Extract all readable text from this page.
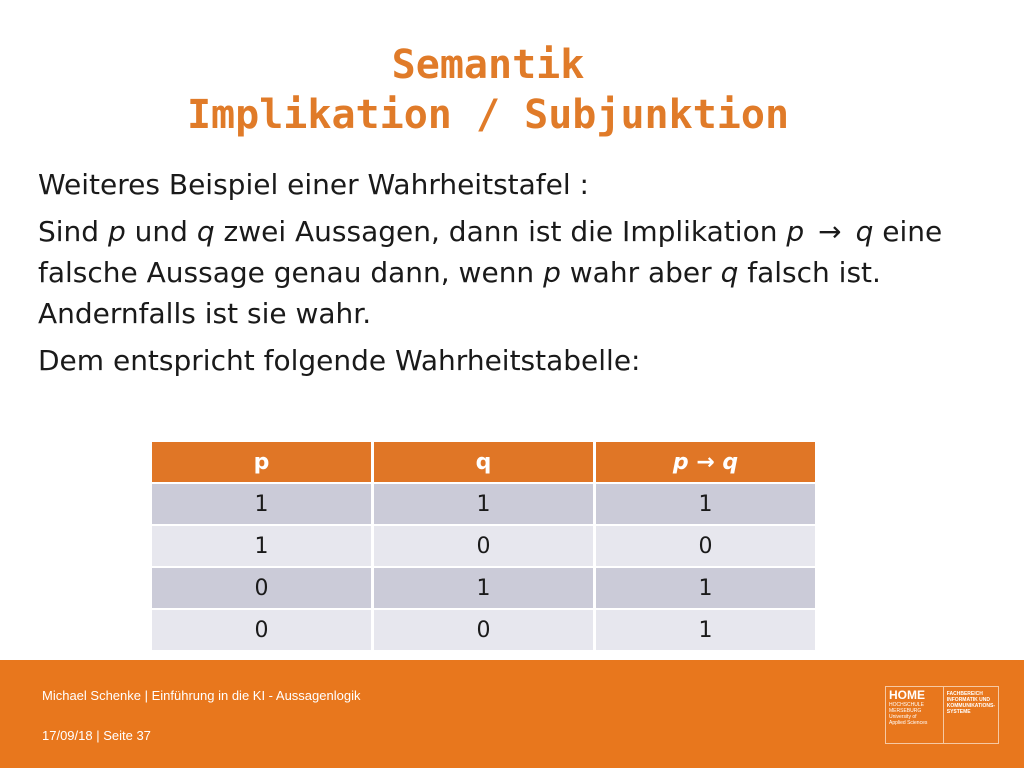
Semantik
Implikation / Subjunktion

Weiteres Beispiel einer Wahrheitstafel :

Sind p und q zwei Aussagen, dann ist die Implikation p → q eine falsche Aussage genau dann, wenn p wahr aber q falsch ist. Andernfalls ist sie wahr.

Dem entspricht folgende Wahrheitstabelle:

p	q	p → q
1	1	1
1	0	0
0	1	1
0	0	1
Michael Schenke | Einführung in die KI - Aussagenlogik
17/09/18 | Seite 37
HOME
HOCHSCHULE
MERSEBURG
University of
Applied Sciences
FACHBEREICH
INFORMATIK UND
KOMMUNIKATIONS-
SYSTEME
